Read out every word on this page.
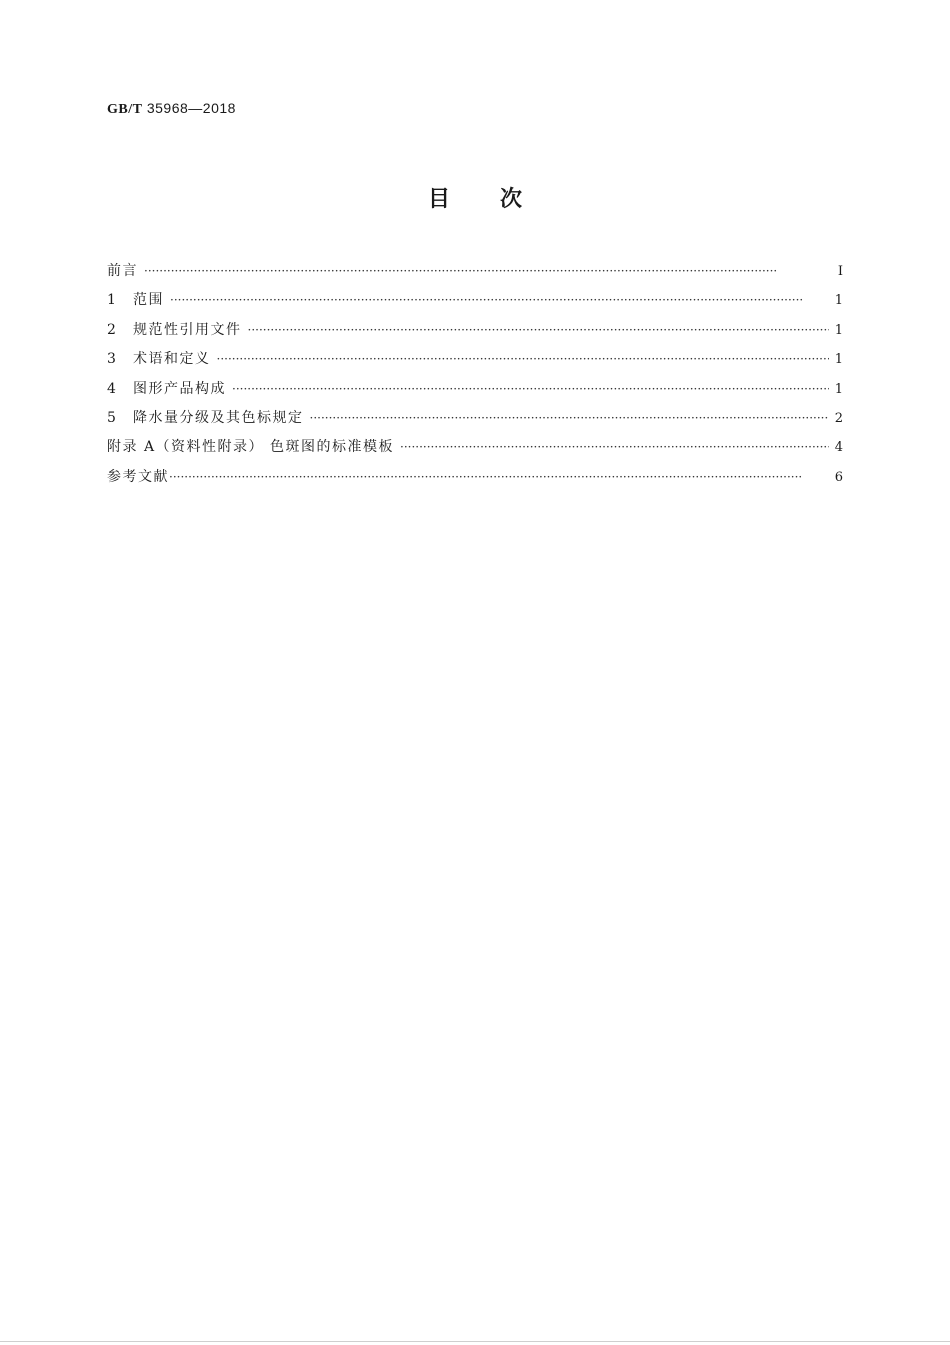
GB/T 35968—2018
目次
前言 ·····	Ⅰ
1	范围 ·····	1
2	规范性引用文件 ·····	1
3	术语和定义 ·····	1
4	图形产品构成 ·····	1
5	降水量分级及其色标规定 ·····	2
附录 A（资料性附录） 色斑图的标准模板 ·····	4
参考文献 ·····	6
